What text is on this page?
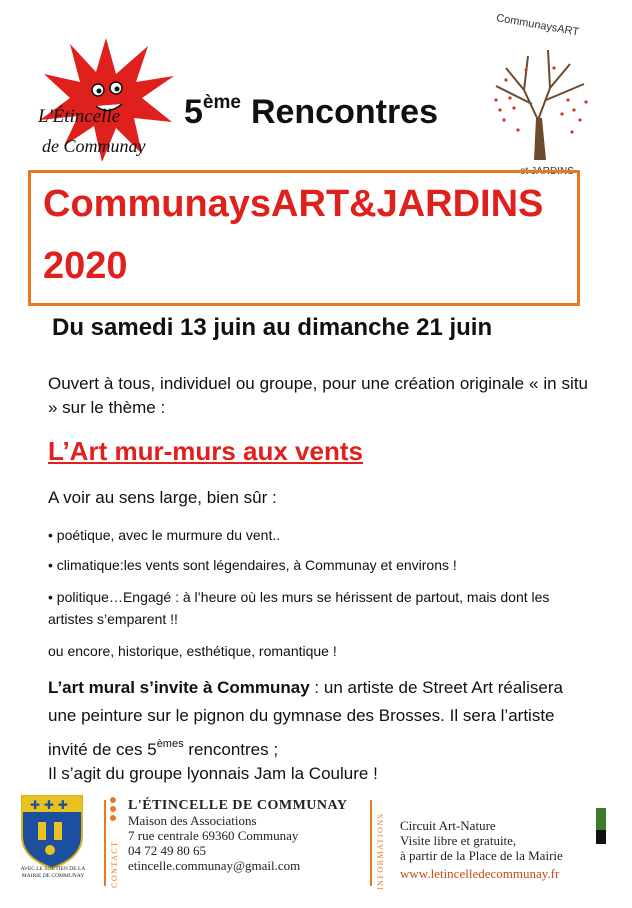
L'Étincelle
de Communay
CommunaysART
et JARDINS
5ème Rencontres
CommunaysART&JARDINS
2020
Du samedi 13 juin au dimanche 21 juin
Ouvert à tous, individuel ou groupe, pour une création originale « in situ » sur le thème :
L’Art mur-murs aux vents
A voir au sens large, bien sûr :
• poétique, avec le murmure du vent..
• climatique:les vents sont légendaires, à Communay et environs !
• politique…Engagé : à l’heure où les murs se hérissent de partout, mais dont les artistes s’emparent !!
ou encore, historique, esthétique, romantique !
L’art mural s’invite à Communay : un artiste de Street Art réalisera une peinture sur le pignon du gymnase des Brosses. Il sera l’artiste invité de ces 5èmes rencontres ;
Il s’agit du groupe lyonnais Jam la Coulure !
✚ ✚ ✚
AVEC LE SOUTIEN DE LA MAIRIE DE COMMUNAY	CONTACT
L'ÉTINCELLE DE COMMUNAY
Maison des Associations
7 rue centrale 69360 Communay
04 72 49 80 65
etincelle.communay@gmail.com	INFORMATIONS Circuit Art-Nature
Visite libre et gratuite,
à partir de la Place de la Mairie
www.letincelledecommunay.fr
